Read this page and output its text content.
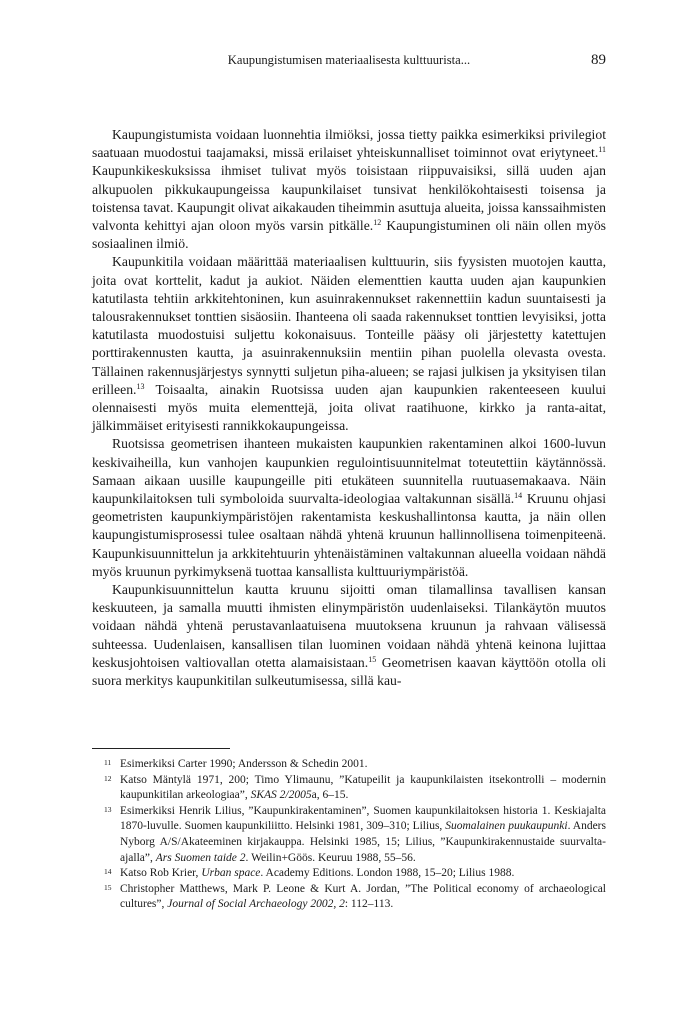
Kaupungistumisen materiaalisesta kulttuurista...	89

Kaupungistumista voidaan luonnehtia ilmiöksi, jossa tietty paikka esimerkiksi privilegiot saatuaan muodostui taajamaksi, missä erilaiset yhteiskunnalliset toiminnot ovat eriytyneet.$^{11}$ Kaupunkikeskuksissa ihmiset tulivat myös toisistaan riippuvaisiksi, sillä uuden ajan alkupuolen pikkukaupungeissa kaupunkilaiset tunsivat henkilökohtaisesti toisensa ja toistensa tavat. Kaupungit olivat aikakauden tiheimmin asuttuja alueita, joissa kanssaihmisten valvonta kehittyi ajan oloon myös varsin pitkälle.$^{12}$ Kaupungistuminen oli näin ollen myös sosiaalinen ilmiö.

Kaupunkitila voidaan määrittää materiaalisen kulttuurin, siis fyysisten muotojen kautta, joita ovat korttelit, kadut ja aukiot. Näiden elementtien kautta uuden ajan kaupunkien katutilasta tehtiin arkkitehtoninen, kun asuinrakennukset rakennettiin kadun suuntaisesti ja talousrakennukset tonttien sisäosiin. Ihanteena oli saada rakennukset tonttien levyisiksi, jotta katutilasta muodostuisi suljettu kokonaisuus. Tonteille pääsy oli järjestetty katettujen porttirakennusten kautta, ja asuinrakennuksiin mentiin pihan puolella olevasta ovesta. Tällainen rakennusjärjestys synnytti suljetun piha-alueen; se rajasi julkisen ja yksityisen tilan erilleen.$^{13}$ Toisaalta, ainakin Ruotsissa uuden ajan kaupunkien rakenteeseen kuului olennaisesti myös muita elementtejä, joita olivat raatihuone, kirkko ja ranta-aitat, jälkimmäiset erityisesti rannikkokaupungeissa.

Ruotsissa geometrisen ihanteen mukaisten kaupunkien rakentaminen alkoi 1600-luvun keskivaiheilla, kun vanhojen kaupunkien regulointisuunnitelmat toteutettiin käytännössä. Samaan aikaan uusille kaupungeille piti etukäteen suunnitella ruutuasemakaava. Näin kaupunkilaitoksen tuli symboloida suurvalta-ideologiaa valtakunnan sisällä.$^{14}$ Kruunu ohjasi geometristen kaupunkiympäristöjen rakentamista keskushallintonsa kautta, ja näin ollen kaupungistumisprosessi tulee osaltaan nähdä yhtenä kruunun hallinnollisena toimenpiteenä. Kaupunkisuunnittelun ja arkkitehtuurin yhtenäistäminen valtakunnan alueella voidaan nähdä myös kruunun pyrkimyksenä tuottaa kansallista kulttuuriympäristöä.

Kaupunkisuunnittelun kautta kruunu sijoitti oman tilamallinsa tavallisen kansan keskuuteen, ja samalla muutti ihmisten elinympäristön uudenlaiseksi. Tilankäytön muutos voidaan nähdä yhtenä perustavanlaatuisena muutoksena kruunun ja rahvaan välisessä suhteessa. Uudenlaisen, kansallisen tilan luominen voidaan nähdä yhtenä keinona lujittaa keskusjohtoisen valtiovallan otetta alamaisistaan.$^{15}$ Geometrisen kaavan käyttöön otolla oli suora merkitys kaupunkitilan sulkeutumisessa, sillä kau-

11 Esimerkiksi Carter 1990; Andersson & Schedin 2001.
12 Katso Mäntylä 1971, 200; Timo Ylimaunu, ”Katupeilit ja kaupunkilaisten itsekontrolli – modernin kaupunkitilan arkeologiaa”, SKAS 2/2005a, 6–15.
13 Esimerkiksi Henrik Lilius, ”Kaupunkirakentaminen”, Suomen kaupunkilaitoksen historia 1. Keskiajalta 1870-luvulle. Suomen kaupunkiliitto. Helsinki 1981, 309–310; Lilius, Suomalainen puukaupunki. Anders Nyborg A/S/Akateeminen kirjakauppa. Helsinki 1985, 15; Lilius, ”Kaupunkirakennustaide suurvalta-ajalla”, Ars Suomen taide 2. Weilin+Göös. Keuruu 1988, 55–56.
14 Katso Rob Krier, Urban space. Academy Editions. London 1988, 15–20; Lilius 1988.
15 Christopher Matthews, Mark P. Leone & Kurt A. Jordan, ”The Political economy of archaeological cultures”, Journal of Social Archaeology 2002, 2: 112–113.
